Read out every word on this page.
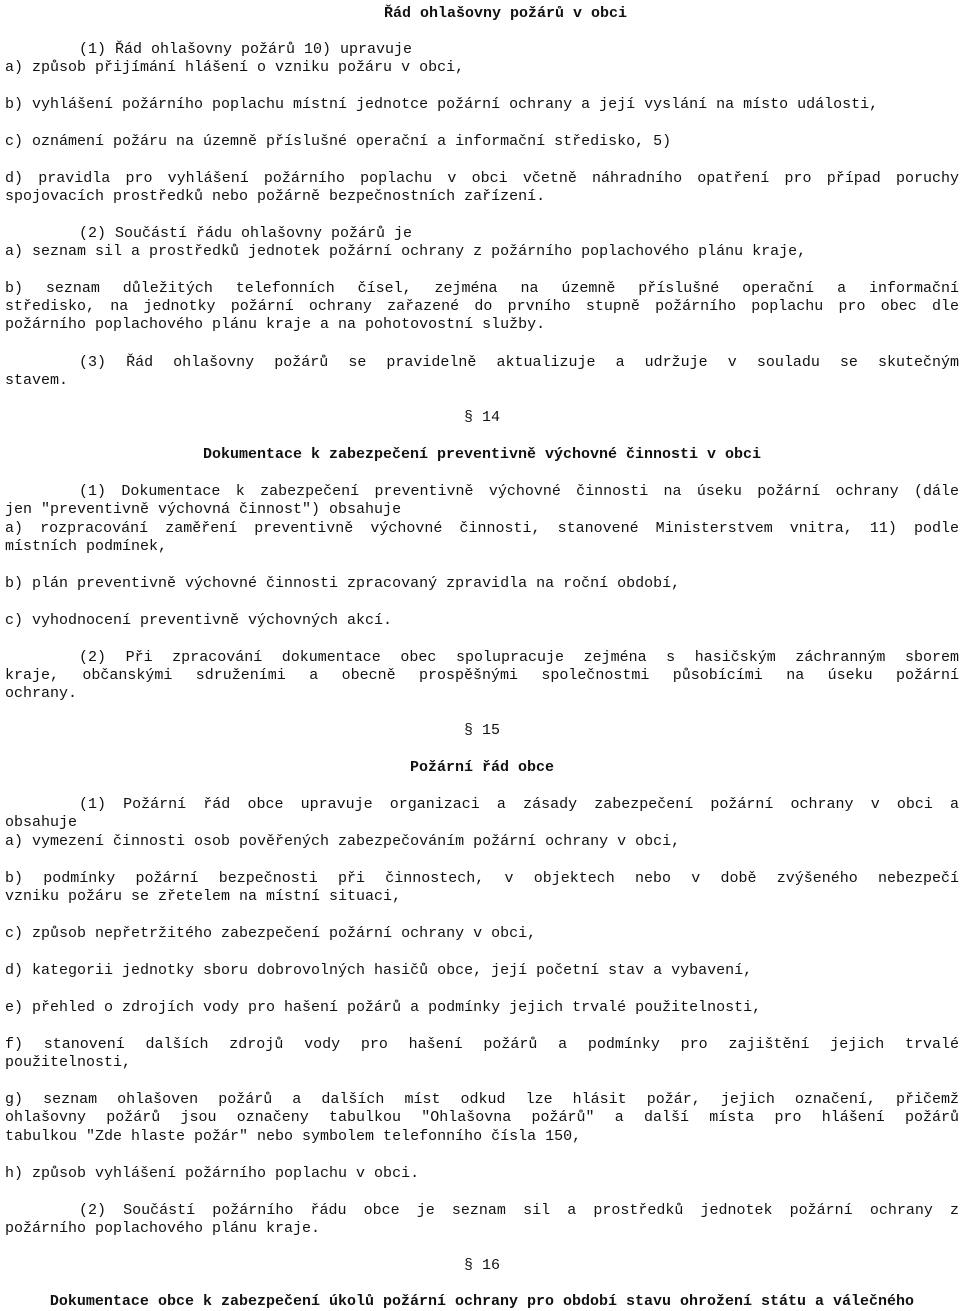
Řád ohlašovny požárů v obci
(1) Řád ohlašovny požárů 10) upravuje
a) způsob přijímání hlášení o vzniku požáru v obci,
b) vyhlášení požárního poplachu místní jednotce požární ochrany a její vyslání na místo události,
c) oznámení požáru na územně příslušné operační a informační středisko, 5)
d) pravidla pro vyhlášení požárního poplachu v obci včetně náhradního opatření pro případ poruchy
spojovacích prostředků nebo požárně bezpečnostních zařízení.
(2) Součástí řádu ohlašovny požárů je
a) seznam sil a prostředků jednotek požární ochrany z požárního poplachového plánu kraje,
b) seznam důležitých telefonních čísel, zejména na územně příslušné operační a informační
středisko, na jednotky požární ochrany zařazené do prvního stupně požárního poplachu pro obec dle
požárního poplachového plánu kraje a na pohotovostní služby.
(3) Řád ohlašovny požárů se pravidelně aktualizuje a udržuje v souladu se skutečným
stavem.
§ 14
Dokumentace k zabezpečení preventivně výchovné činnosti v obci
(1) Dokumentace k zabezpečení preventivně výchovné činnosti na úseku požární ochrany (dále
jen "preventivně výchovná činnost") obsahuje
a) rozpracování zaměření preventivně výchovné činnosti, stanovené Ministerstvem vnitra, 11) podle
místních podmínek,
b) plán preventivně výchovné činnosti zpracovaný zpravidla na roční období,
c) vyhodnocení preventivně výchovných akcí.
(2) Při zpracování dokumentace obec spolupracuje zejména s hasičským záchranným sborem
kraje, občanskými sdruženími a obecně prospěšnými společnostmi působícími na úseku požární
ochrany.
§ 15
Požární řád obce
(1) Požární řád obce upravuje organizaci a zásady zabezpečení požární ochrany v obci a
obsahuje
a) vymezení činnosti osob pověřených zabezpečováním požární ochrany v obci,
b) podmínky požární bezpečnosti při činnostech, v objektech nebo v době zvýšeného nebezpečí
vzniku požáru se zřetelem na místní situaci,
c) způsob nepřetržitého zabezpečení požární ochrany v obci,
d) kategorii jednotky sboru dobrovolných hasičů obce, její početní stav a vybavení,
e) přehled o zdrojích vody pro hašení požárů a podmínky jejich trvalé použitelnosti,
f) stanovení dalších zdrojů vody pro hašení požárů a podmínky pro zajištění jejich trvalé
použitelnosti,
g) seznam ohlašoven požárů a dalších míst odkud lze hlásit požár, jejich označení, přičemž
ohlašovny požárů jsou označeny tabulkou "Ohlašovna požárů" a další místa pro hlášení požárů
tabulkou "Zde hlaste požár" nebo symbolem telefonního čísla 150,
h) způsob vyhlášení požárního poplachu v obci.
(2) Součástí požárního řádu obce je seznam sil a prostředků jednotek požární ochrany z
požárního poplachového plánu kraje.
§ 16
Dokumentace obce k zabezpečení úkolů požární ochrany pro období stavu ohrožení státu a válečného
